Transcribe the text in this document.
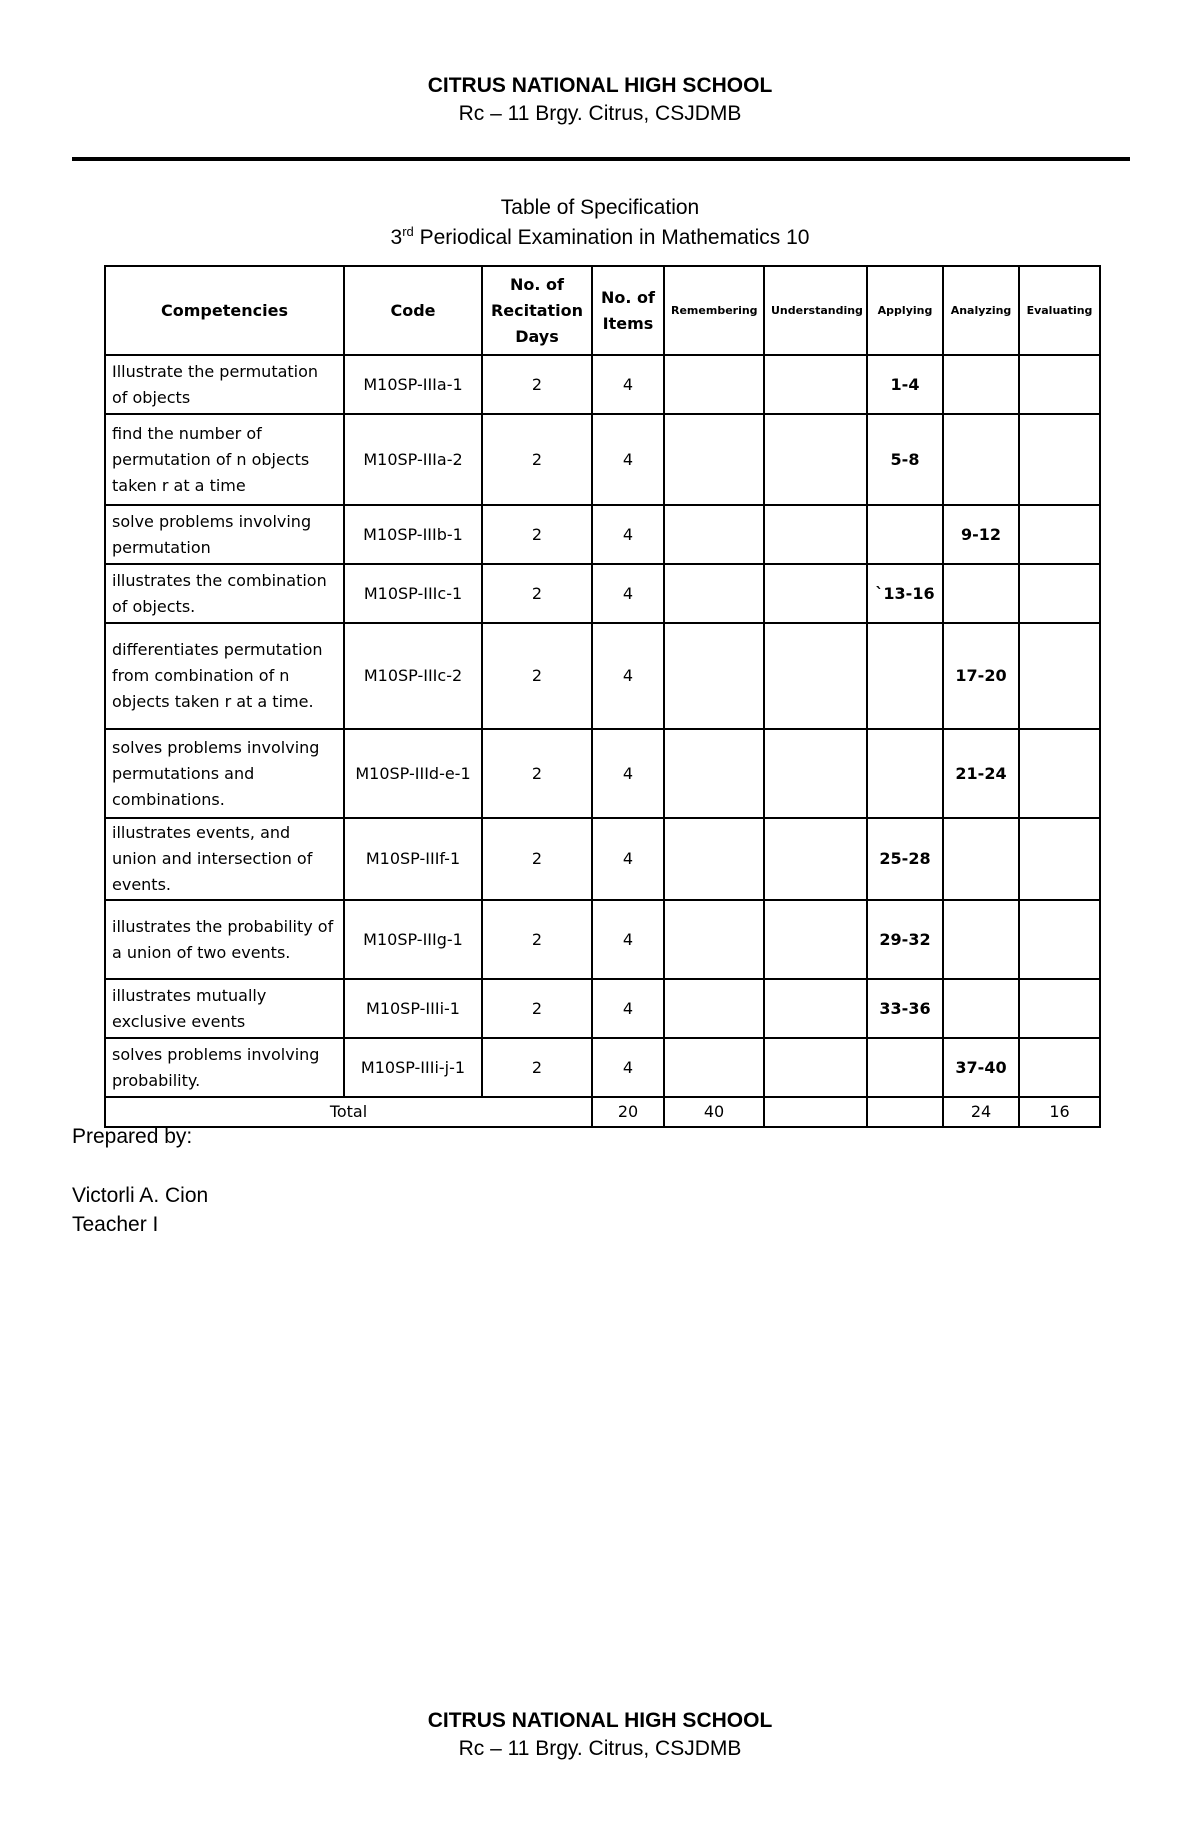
CITRUS NATIONAL HIGH SCHOOL
Rc – 11 Brgy. Citrus, CSJDMB
Table of Specification
3rd Periodical Examination in Mathematics 10
Competencies	Code	No. of Recitation Days	No. of Items	Remembering	Understanding	Applying	Analyzing	Evaluating	
Illustrate the permutation of objects	M10SP-IIIa-1	2	4			1-4			
find the number of permutation of n objects taken r at a time	M10SP-IIIa-2	2	4			5-8			
solve problems involving permutation	M10SP-IIIb-1	2	4				9-12		
illustrates the combination of objects.	M10SP-IIIc-1	2	4			`13-16			
differentiates permutation from combination of n objects taken r at a time.	M10SP-IIIc-2	2	4				17-20		
solves problems involving permutations and combinations.	M10SP-IIId-e-1	2	4				21-24		
illustrates events, and union and intersection of events.	M10SP-IIIf-1	2	4			25-28			
illustrates the probability of a union of two events.	M10SP-IIIg-1	2	4			29-32			
illustrates mutually exclusive events	M10SP-IIIi-1	2	4			33-36			
solves problems involving probability.	M10SP-IIIi-j-1	2	4				37-40		
Total			20	40			24	16	
Prepared by:
Victorli A. Cion
Teacher I
CITRUS NATIONAL HIGH SCHOOL
Rc – 11 Brgy. Citrus, CSJDMB
